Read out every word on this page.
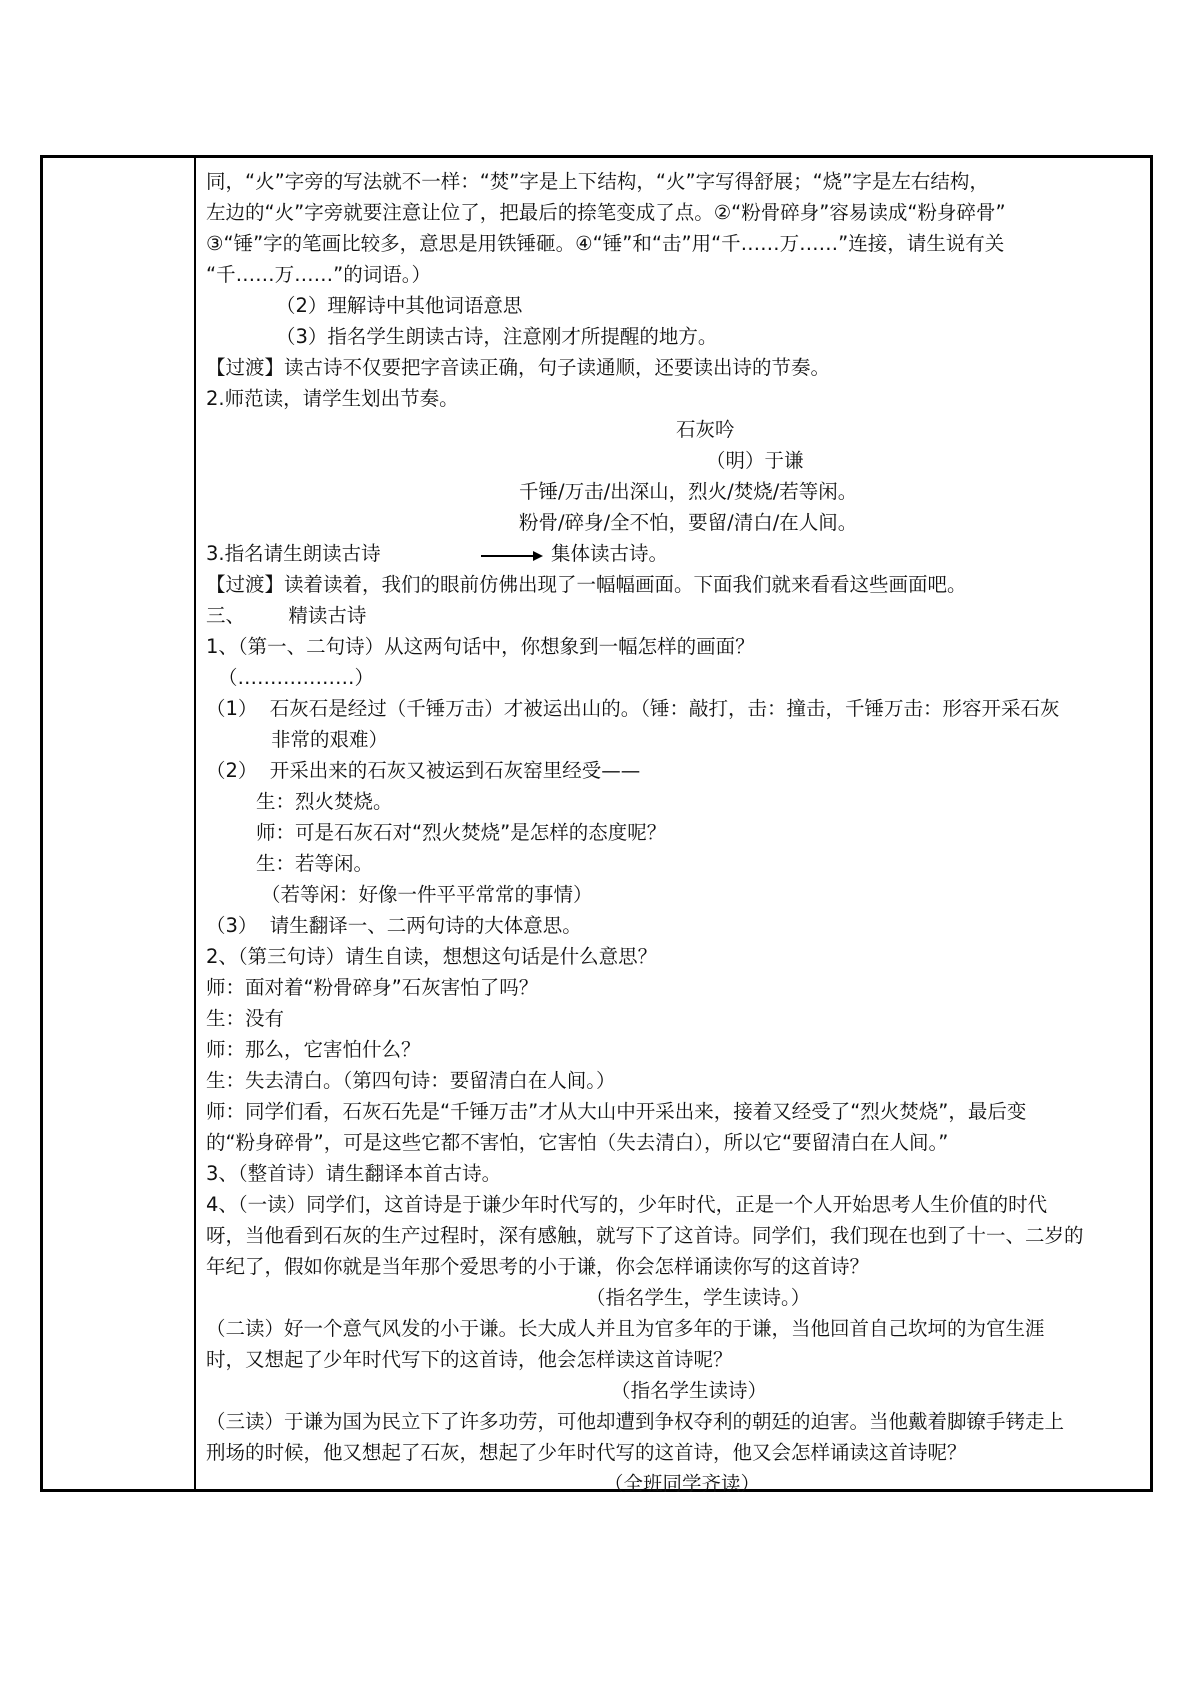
同，“火”字旁的写法就不一样：“焚”字是上下结构，“火”字写得舒展；“烧”字是左右结构，
左边的“火”字旁就要注意让位了，把最后的捺笔变成了点。②“粉骨碎身”容易读成“粉身碎骨”
③“锤”字的笔画比较多，意思是用铁锤砸。④“锤”和“击”用“千……万……”连接，请生说有关
“千……万……”的词语。）
（2）理解诗中其他词语意思
（3）指名学生朗读古诗，注意刚才所提醒的地方。
【过渡】读古诗不仅要把字音读正确，句子读通顺，还要读出诗的节奏。
2.师范读，请学生划出节奏。
石灰吟
（明）于谦
千锤/万击/出深山，烈火/焚烧/若等闲。
粉骨/碎身/全不怕，要留/清白/在人间。
3.指名请生朗读古诗	集体读古诗。
【过渡】读着读着，我们的眼前仿佛出现了一幅幅画面。下面我们就来看看这些画面吧。
三、       精读古诗
1、（第一、二句诗）从这两句话中，你想象到一幅怎样的画面？
（………………）
（1）  石灰石是经过（千锤万击）才被运出山的。（锤：敲打，击：撞击，千锤万击：形容开采石灰
非常的艰难）
（2）  开采出来的石灰又被运到石灰窑里经受——
生：烈火焚烧。
师：可是石灰石对“烈火焚烧”是怎样的态度呢？
生：若等闲。
（若等闲：好像一件平平常常的事情）
（3）  请生翻译一、二两句诗的大体意思。
2、（第三句诗）请生自读，想想这句话是什么意思？
师：面对着“粉骨碎身”石灰害怕了吗？
生：没有
师：那么，它害怕什么？
生：失去清白。（第四句诗：要留清白在人间。）
师：同学们看，石灰石先是“千锤万击”才从大山中开采出来，接着又经受了“烈火焚烧”，最后变
的“粉身碎骨”，可是这些它都不害怕，它害怕（失去清白），所以它“要留清白在人间。”
3、（整首诗）请生翻译本首古诗。
4、（一读）同学们，这首诗是于谦少年时代写的，少年时代，正是一个人开始思考人生价值的时代
呀，当他看到石灰的生产过程时，深有感触，就写下了这首诗。同学们，我们现在也到了十一、二岁的
年纪了，假如你就是当年那个爱思考的小于谦，你会怎样诵读你写的这首诗？
（指名学生，学生读诗。）
（二读）好一个意气风发的小于谦。长大成人并且为官多年的于谦，当他回首自己坎坷的为官生涯
时，又想起了少年时代写下的这首诗，他会怎样读这首诗呢？
（指名学生读诗）
（三读）于谦为国为民立下了许多功劳，可他却遭到争权夺利的朝廷的迫害。当他戴着脚镣手铐走上
刑场的时候，他又想起了石灰，想起了少年时代写的这首诗，他又会怎样诵读这首诗呢？
（全班同学齐读）
